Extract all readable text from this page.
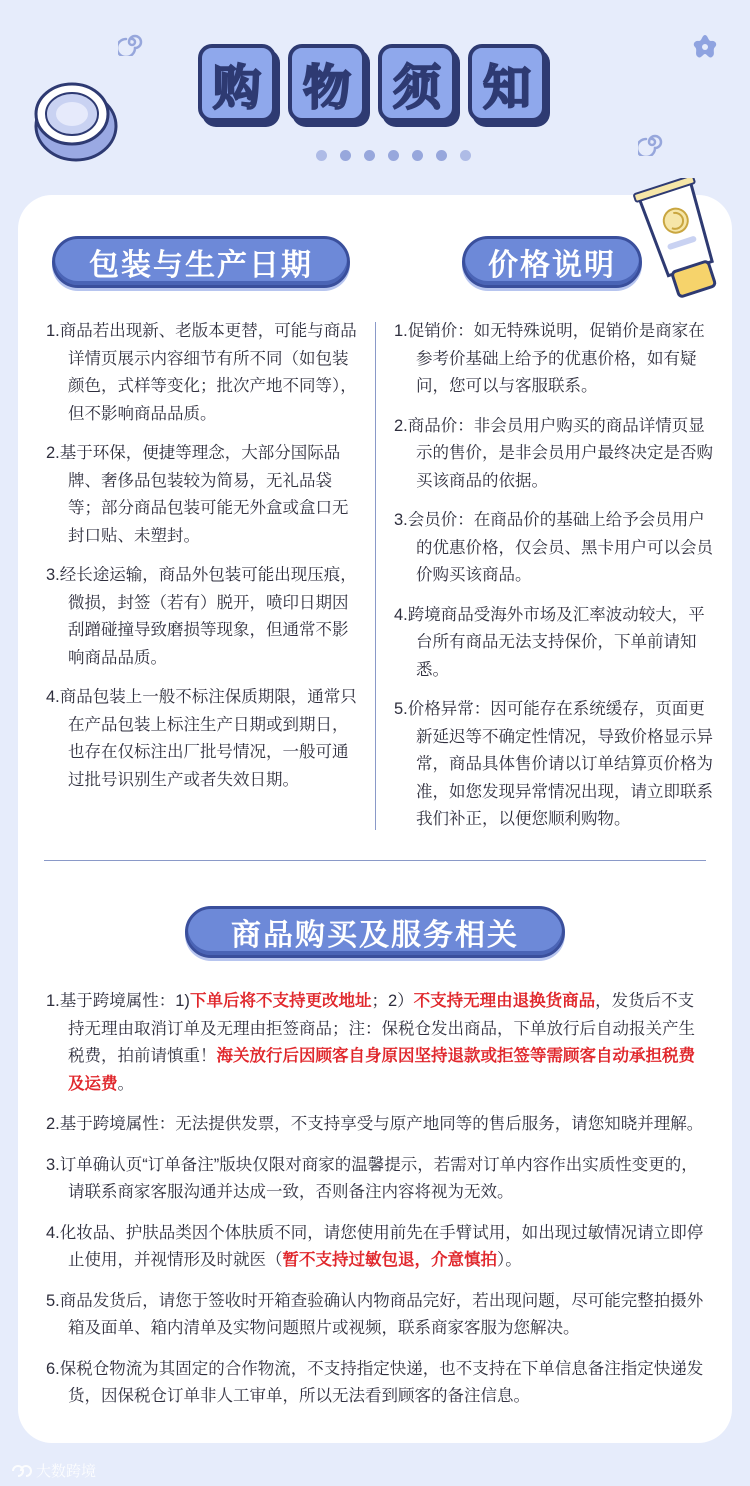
购 物 须 知
包装与生产日期	价格说明

1.商品若出现新、老版本更替，可能与商品详情页展示内容细节有所不同（如包装颜色，式样等变化；批次产地不同等），但不影响商品品质。

2.基于环保，便捷等理念，大部分国际品牌、奢侈品包装较为简易，无礼品袋等；部分商品包装可能无外盒或盒口无封口贴、未塑封。

3.经长途运输，商品外包装可能出现压痕，微损，封签（若有）脱开，喷印日期因刮蹭碰撞导致磨损等现象，但通常不影响商品品质。

4.商品包装上一般不标注保质期限，通常只在产品包装上标注生产日期或到期日，也存在仅标注出厂批号情况，一般可通过批号识别生产或者失效日期。

1.促销价：如无特殊说明，促销价是商家在参考价基础上给予的优惠价格，如有疑问，您可以与客服联系。

2.商品价：非会员用户购买的商品详情页显示的售价，是非会员用户最终决定是否购买该商品的依据。

3.会员价：在商品价的基础上给予会员用户的优惠价格，仅会员、黑卡用户可以会员价购买该商品。

4.跨境商品受海外市场及汇率波动较大，平台所有商品无法支持保价，下单前请知悉。

5.价格异常：因可能存在系统缓存，页面更新延迟等不确定性情况，导致价格显示异常，商品具体售价请以订单结算页价格为准，如您发现异常情况出现，请立即联系我们补正，以便您顺利购物。

商品购买及服务相关

1.基于跨境属性：1)下单后将不支持更改地址；2）不支持无理由退换货商品，发货后不支持无理由取消订单及无理由拒签商品；注：保税仓发出商品，下单放行后自动报关产生税费，拍前请慎重！海关放行后因顾客自身原因坚持退款或拒签等需顾客自动承担税费及运费。

2.基于跨境属性：无法提供发票，不支持享受与原产地同等的售后服务，请您知晓并理解。

3.订单确认页“订单备注”版块仅限对商家的温馨提示，若需对订单内容作出实质性变更的，请联系商家客服沟通并达成一致，否则备注内容将视为无效。

4.化妆品、护肤品类因个体肤质不同，请您使用前先在手臂试用，如出现过敏情况请立即停止使用，并视情形及时就医（暂不支持过敏包退，介意慎拍）。

5.商品发货后，请您于签收时开箱查验确认内物商品完好，若出现问题，尽可能完整拍摄外箱及面单、箱内清单及实物问题照片或视频，联系商家客服为您解决。

6.保税仓物流为其固定的合作物流，不支持指定快递，也不支持在下单信息备注指定快递发货，因保税仓订单非人工审单，所以无法看到顾客的备注信息。

大数跨境
